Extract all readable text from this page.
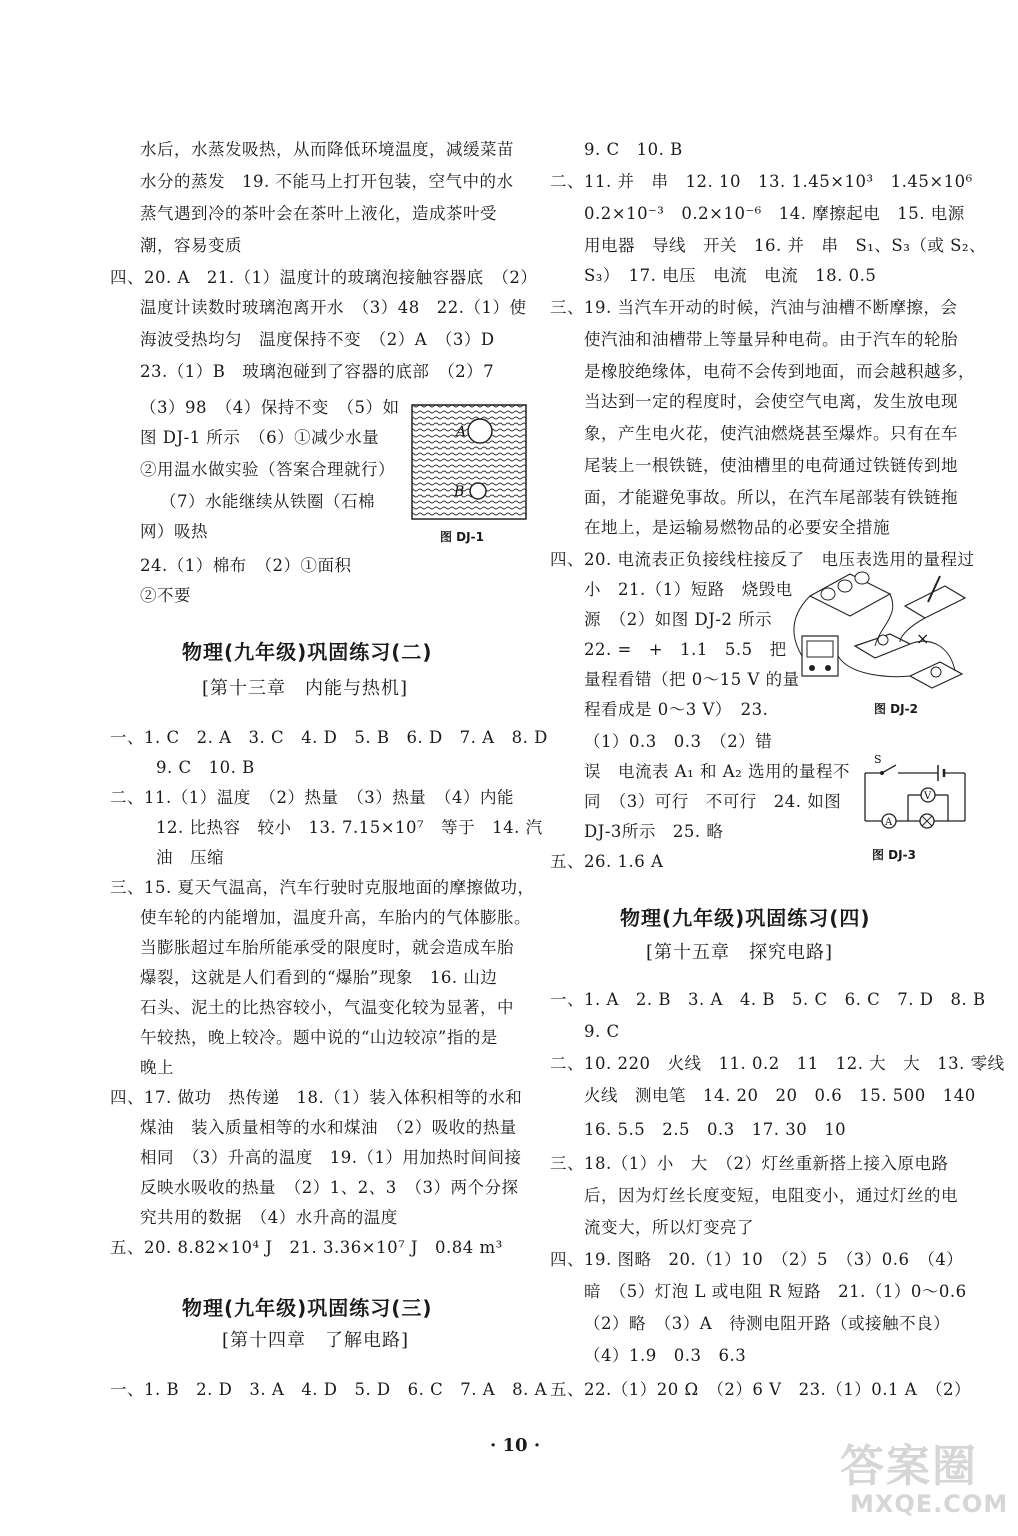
水后，水蒸发吸热，从而降低环境温度，减缓菜苗
水分的蒸发　19. 不能马上打开包装，空气中的水
蒸气遇到冷的茶叶会在茶叶上液化，造成茶叶受
潮，容易变质
四、20. A　21.（1）温度计的玻璃泡接触容器底　（2）
温度计读数时玻璃泡离开水　（3）48　22.（1）使
海波受热均匀　温度保持不变　（2）A　（3）D
23.（1）B　玻璃泡碰到了容器的底部　（2）7
（3）98　（4）保持不变　（5）如
图 DJ-1 所示　（6）①减少水量
②用温水做实验（答案合理就行）
（7）水能继续从铁圈（石棉
网）吸热
24.（1）棉布　（2）①面积
②不要
A
B
图 DJ-1
物理(九年级)巩固练习(二)
[第十三章　内能与热机]
一、1. C　2. A　3. C　4. D　5. B　6. D　7. A　8. D
9. C　10. B
二、11.（1）温度　（2）热量　（3）热量　（4）内能
12. 比热容　较小　13. 7.15×10⁷　等于　14. 汽
油　压缩
三、15. 夏天气温高，汽车行驶时克服地面的摩擦做功，
使车轮的内能增加，温度升高，车胎内的气体膨胀。
当膨胀超过车胎所能承受的限度时，就会造成车胎
爆裂，这就是人们看到的“爆胎”现象　16. 山边
石头、泥土的比热容较小，气温变化较为显著，中
午较热，晚上较冷。题中说的“山边较凉”指的是
晚上
四、17. 做功　热传递　18.（1）装入体积相等的水和
煤油　装入质量相等的水和煤油　（2）吸收的热量
相同　（3）升高的温度　19.（1）用加热时间间接
反映水吸收的热量　（2）1、2、3　（3）两个分探
究共用的数据　（4）水升高的温度
五、20. 8.82×10⁴ J　21. 3.36×10⁷ J　0.84 m³
物理(九年级)巩固练习(三)
[第十四章　了解电路]
一、1. B　2. D　3. A　4. D　5. D　6. C　7. A　8. A
9. C　10. B
二、11. 并　串　12. 10　13. 1.45×10³　1.45×10⁶
0.2×10⁻³　0.2×10⁻⁶　14. 摩擦起电　15. 电源
用电器　导线　开关　16. 并　串　S₁、S₃（或 S₂、
S₃）　17. 电压　电流　电流　18. 0.5
三、19. 当汽车开动的时候，汽油与油槽不断摩擦，会
使汽油和油槽带上等量异种电荷。由于汽车的轮胎
是橡胶绝缘体，电荷不会传到地面，而会越积越多，
当达到一定的程度时，会使空气电离，发生放电现
象，产生电火花，使汽油燃烧甚至爆炸。只有在车
尾装上一根铁链，使油槽里的电荷通过铁链传到地
面，才能避免事故。所以，在汽车尾部装有铁链拖
在地上，是运输易燃物品的必要安全措施
四、20. 电流表正负接线柱接反了　电压表选用的量程过
小　21.（1）短路　烧毁电
源　（2）如图 DJ-2 所示
22. =　+　1.1　5.5　把
量程看错（把 0～15 V 的量
程看成是 0～3 V）　23.
（1）0.3　0.3　（2）错
误　电流表 A₁ 和 A₂ 选用的量程不
同　（3）可行　不可行　24. 如图
DJ-3所示　25. 略
五、26. 1.6 A
×
图 DJ-2
S
V
A
图 DJ-3
物理(九年级)巩固练习(四)
[第十五章　探究电路]
一、1. A　2. B　3. A　4. B　5. C　6. C　7. D　8. B
9. C
二、10. 220　火线　11. 0.2　11　12. 大　大　13. 零线
火线　测电笔　14. 20　20　0.6　15. 500　140
16. 5.5　2.5　0.3　17. 30　10
三、18.（1）小　大　（2）灯丝重新搭上接入原电路
后，因为灯丝长度变短，电阻变小，通过灯丝的电
流变大，所以灯变亮了
四、19. 图略　20.（1）10　（2）5　（3）0.6　（4）
暗　（5）灯泡 L 或电阻 R 短路　21.（1）0～0.6
（2）略　（3）A　待测电阻开路（或接触不良）
（4）1.9　0.3　6.3
五、22.（1）20 Ω　（2）6 V　23.（1）0.1 A　（2）
· 10 ·	答案圈
MXQE.COM
